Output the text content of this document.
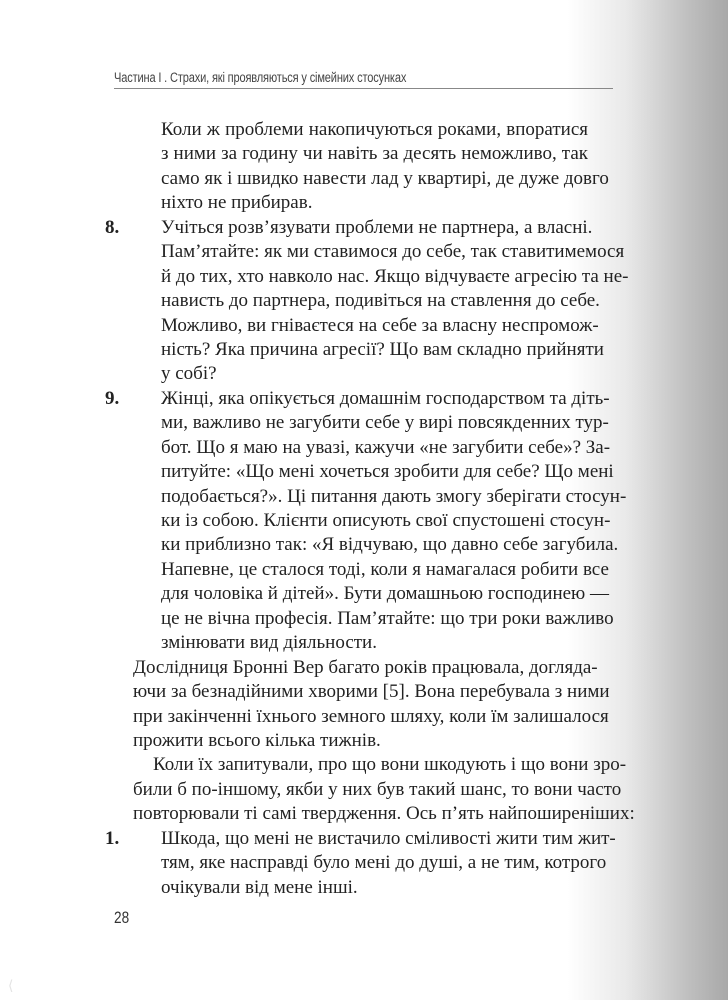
Частина І . Страхи, які проявляються у сімейних стосунках
Коли ж проблеми накопичуються роками, впоратися
з ними за годину чи навіть за десять неможливо, так
само як і швидко навести лад у квартирі, де дуже довго
ніхто не прибирав.
8. Учіться розв’язувати проблеми не партнера, а власні.
Пам’ятайте: як ми ставимося до себе, так ставитимемося
й до тих, хто навколо нас. Якщо відчуваєте агресію та не-
нависть до партнера, подивіться на ставлення до себе.
Можливо, ви гніваєтеся на себе за власну неспромож-
ність? Яка причина агресії? Що вам складно прийняти
у собі?
9. Жінці, яка опікується домашнім господарством та діть-
ми, важливо не загубити себе у вирі повсякденних тур-
бот. Що я маю на увазі, кажучи «не загубити себе»? За-
питуйте: «Що мені хочеться зробити для себе? Що мені
подобається?». Ці питання дають змогу зберігати стосун-
ки із собою. Клієнти описують свої спустошені стосун-
ки приблизно так: «Я відчуваю, що давно себе загубила.
Напевне, це сталося тоді, коли я намагалася робити все
для чоловіка й дітей». Бути домашньою господинею —
це не вічна професія. Пам’ятайте: що три роки важливо
змінювати вид діяльности.
Дослідниця Бронні Вер багато років працювала, догляда-
ючи за безнадійними хворими [5]. Вона перебувала з ними
при закінченні їхнього земного шляху, коли їм залишалося
прожити всього кілька тижнів.
Коли їх запитували, про що вони шкодують і що вони зро-
били б по-іншому, якби у них був такий шанс, то вони часто
повторювали ті самі твердження. Ось п’ять найпоширеніших:
1. Шкода, що мені не вистачило сміливості жити тим жит-
тям, яке насправді було мені до душі, а не тим, котрого
очікували від мене інші.
28
⟨
